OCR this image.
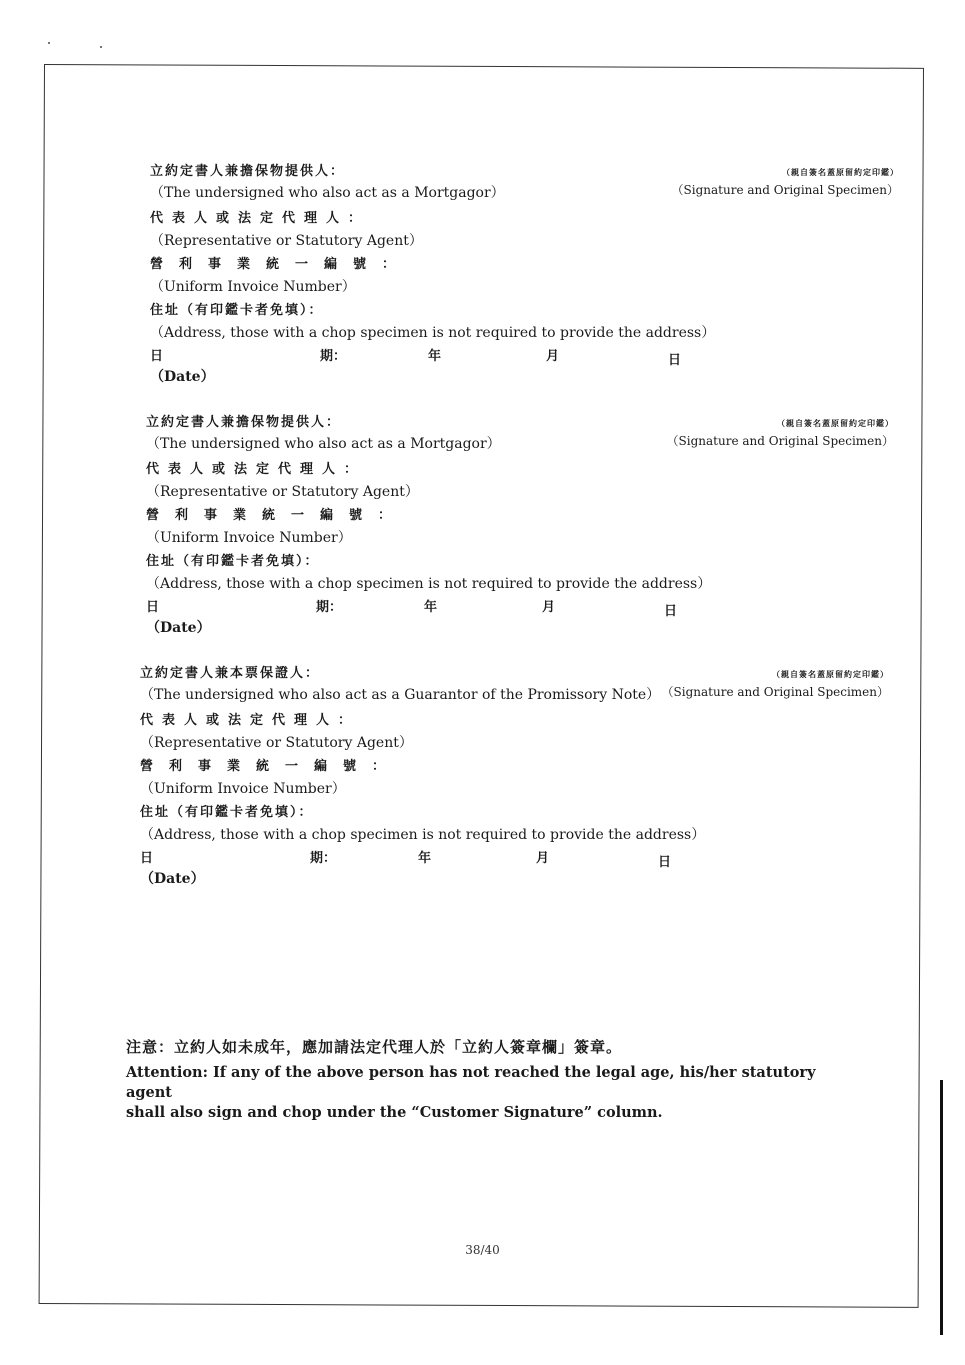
立約定書人兼擔保物提供人：
（The undersigned who also act as a Mortgagor）
代表人或法定代理人：
（Representative or Statutory Agent）
營利事業統一編號：
（Uniform Invoice Number）
住址（有印鑑卡者免填）：
（Address, those with a chop specimen is not required to provide the address）
日	期：	年	月	日
（Date）
（親自簽名蓋原留約定印鑑）
（Signature and Original Specimen）
立約定書人兼擔保物提供人：
（The undersigned who also act as a Mortgagor）
代表人或法定代理人：
（Representative or Statutory Agent）
營利事業統一編號：
（Uniform Invoice Number）
住址（有印鑑卡者免填）：
（Address, those with a chop specimen is not required to provide the address）
日	期：	年	月	日
（Date）
（親自簽名蓋原留約定印鑑）
（Signature and Original Specimen）
立約定書人兼本票保證人：
（The undersigned who also act as a Guarantor of the Promissory Note）
代表人或法定代理人：
（Representative or Statutory Agent）
營利事業統一編號：
（Uniform Invoice Number）
住址（有印鑑卡者免填）：
（Address, those with a chop specimen is not required to provide the address）
日	期：	年	月	日
（Date）
（親自簽名蓋原留約定印鑑）
（Signature and Original Specimen）
注意：立約人如未成年，應加請法定代理人於「立約人簽章欄」簽章。
Attention: If any of the above person has not reached the legal age, his/her statutory agent
shall also sign and chop under the “Customer Signature” column.
38/40
